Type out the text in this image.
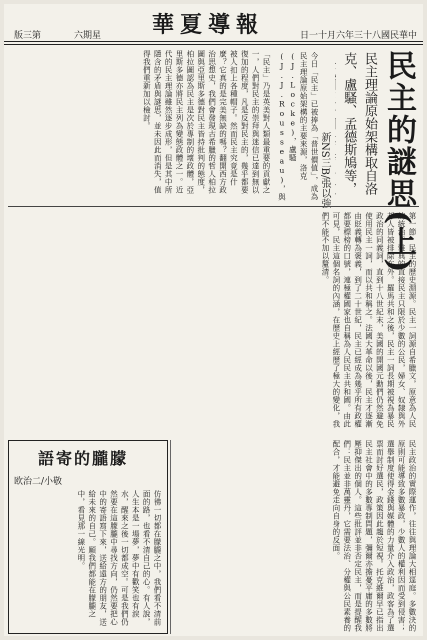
版三第	六期星 報導夏華	日一十月六年三十八國民華中
民主的謎思(上)
民主理論原始架構取自洛克、盧騷、孟德斯鳩等，
新NS三B/張以強
今日「民主」已被捧為「普世價值」，成為民主理論原始架構的主要來源，洛克(J.Locke)，盧騷(J.J.Rousseau)，與
「民主」乃是英美對人類最重要的貢獻之一，人們對民主的崇拜與迷信已達到無以復加的程度，凡是反對民主的，幾乎都要被人扣上各種帽子。然而民主究竟是什麼？它真的是完美無缺的嗎？翻開西方政治思想史，我們會發現古希臘的哲人柏拉圖與亞里斯多德對民主皆持批判的態度，柏拉圖認為民主是次於專制的壞政體，亞里斯多德亦將民主列為變態政體之一。近代的民主理論雖然逐步成形，但是其中所隱含的矛盾與謎思，並未因此而消失，值得我們重新加以檢討。
第一節　民主的歷史淵源。民主一詞源自希臘文，原意為人民的統治。雅典的直接民主只限於少數的公民，婦女、奴隸與外邦人皆被排除在外。羅馬共和之後，民主一詞長期被視為暴民政治的同義詞，直到十八世紀末，美國的開國元勳們仍然避免使用民主一詞，而以共和稱之。法國大革命以後，民主才逐漸由貶義轉為褒義，到了二十世紀，民主已經成為幾乎所有政權都要標榜的口號，連極權國家也自稱為人民民主共和國。由此可見，民主這個名詞的內涵，在歷史上經歷了極大的變化，我們不能不加以釐清。
朦朧的寄語
敬小/二治欧
仿彿一切都在朦朧之中，我們看不清前面的路，也看不清自己的心。有人說，人生本是一場夢，夢中有歡笑也有淚水，醒來之後一切都成空。可是我們仍然要在這朦朧中尋找方向，仍然要把心中的寄語寫下來，送給遠方的朋友，送給未來的自己。願我們都能在朦朧之中，看見那一線光明。	民主政治的實際運作，往往與理論大相逕庭。多數決的原則可能導致多數暴政，少數人的權利因而受到侵害；選舉制度使得金錢與媒體的力量介入政治，政客為了選票而討好選民，政策因此趨於短視。托克維爾早已指出民主社會中的多數專制問題，彌爾亦擔憂平庸的多數將壓抑傑出的個人。這些批評並非否定民主，而是提醒我們：民主並非萬靈丹，它需要法治、分權與公民素養的配合，才能避免走向自身的反面。
